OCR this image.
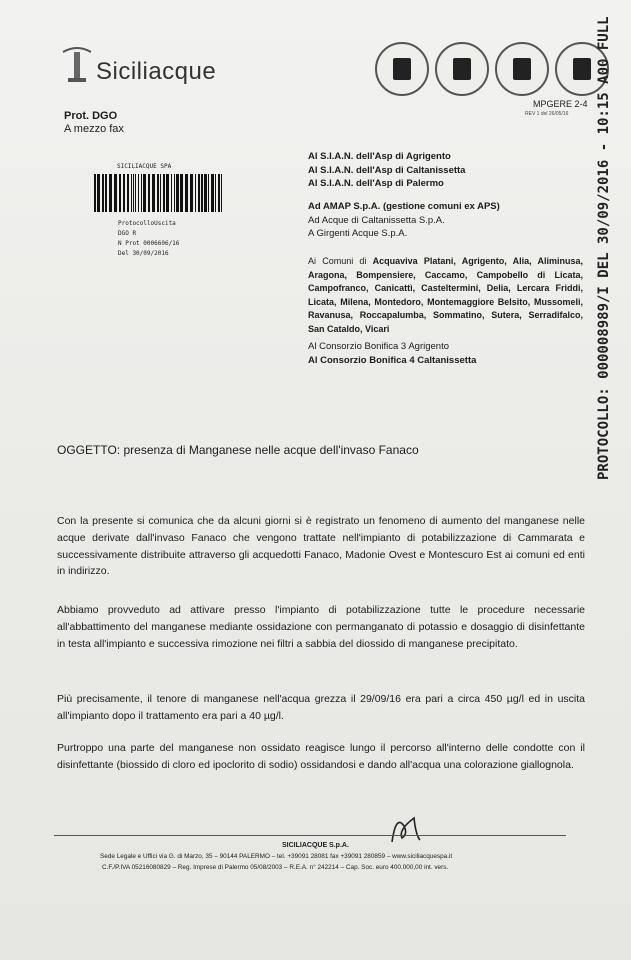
Siciliacque
MPGERE 2-4
REV 1 del 26/05/16
Prot. DGO
A mezzo fax
SICILIACQUE SPA
ProtocolloUscita
DGO R
N Prot 0006606/16
Del 30/09/2016
Al S.I.A.N. dell'Asp di Agrigento
Al S.I.A.N. dell'Asp di Caltanissetta
Al S.I.A.N. dell'Asp di Palermo
Ad AMAP S.p.A. (gestione comuni ex APS)
Ad Acque di Caltanissetta S.p.A.
A Girgenti Acque S.p.A.
Ai Comuni di Acquaviva Platani, Agrigento, Alia, Aliminusa, Aragona, Bompensiere, Caccamo, Campobello di Licata, Campofranco, Canicattì, Casteltermini, Delia, Lercara Friddi, Licata, Milena, Montedoro, Montemaggiore Belsito, Mussomeli, Ravanusa, Roccapalumba, Sommatino, Sutera, Serradifalco, San Cataldo, Vicari
Al Consorzio Bonifica 3 Agrigento
Al Consorzio Bonifica 4 Caltanissetta
OGGETTO: presenza di Manganese nelle acque dell'invaso Fanaco
Con la presente si comunica che da alcuni giorni si è registrato un fenomeno di aumento del manganese nelle acque derivate dall'invaso Fanaco che vengono trattate nell'impianto di potabilizzazione di Cammarata e successivamente distribuite attraverso gli acquedotti Fanaco, Madonie Ovest e Montescuro Est ai comuni ed enti in indirizzo.
Abbiamo provveduto ad attivare presso l'impianto di potabilizzazione tutte le procedure necessarie all'abbattimento del manganese mediante ossidazione con permanganato di potassio e dosaggio di disinfettante in testa all'impianto e successiva rimozione nei filtri a sabbia del diossido di manganese precipitato.
Più precisamente, il tenore di manganese nell'acqua grezza il 29/09/16 era pari a circa 450 µg/l ed in uscita all'impianto dopo il trattamento era pari a 40 µg/l.
Purtroppo una parte del manganese non ossidato reagisce lungo il percorso all'interno delle condotte con il disinfettante (biossido di cloro ed ipoclorito di sodio) ossidandosi e dando all'acqua una colorazione giallognola.
PROTOCOLLO: 000008989/I DEL 30/09/2016 - 10:15 A00 FULL
SICILIACQUE S.p.A.
Sede Legale e Uffici via G. di Marzo, 35 – 90144 PALERMO – tel. +39091 28081 fax +39091 280859 – www.siciliacquespa.it
C.F./P.IVA 05216080829 – Reg. Imprese di Palermo 05/08/2003 – R.E.A. n° 242214 – Cap. Soc. euro 400.000,00 int. vers.
